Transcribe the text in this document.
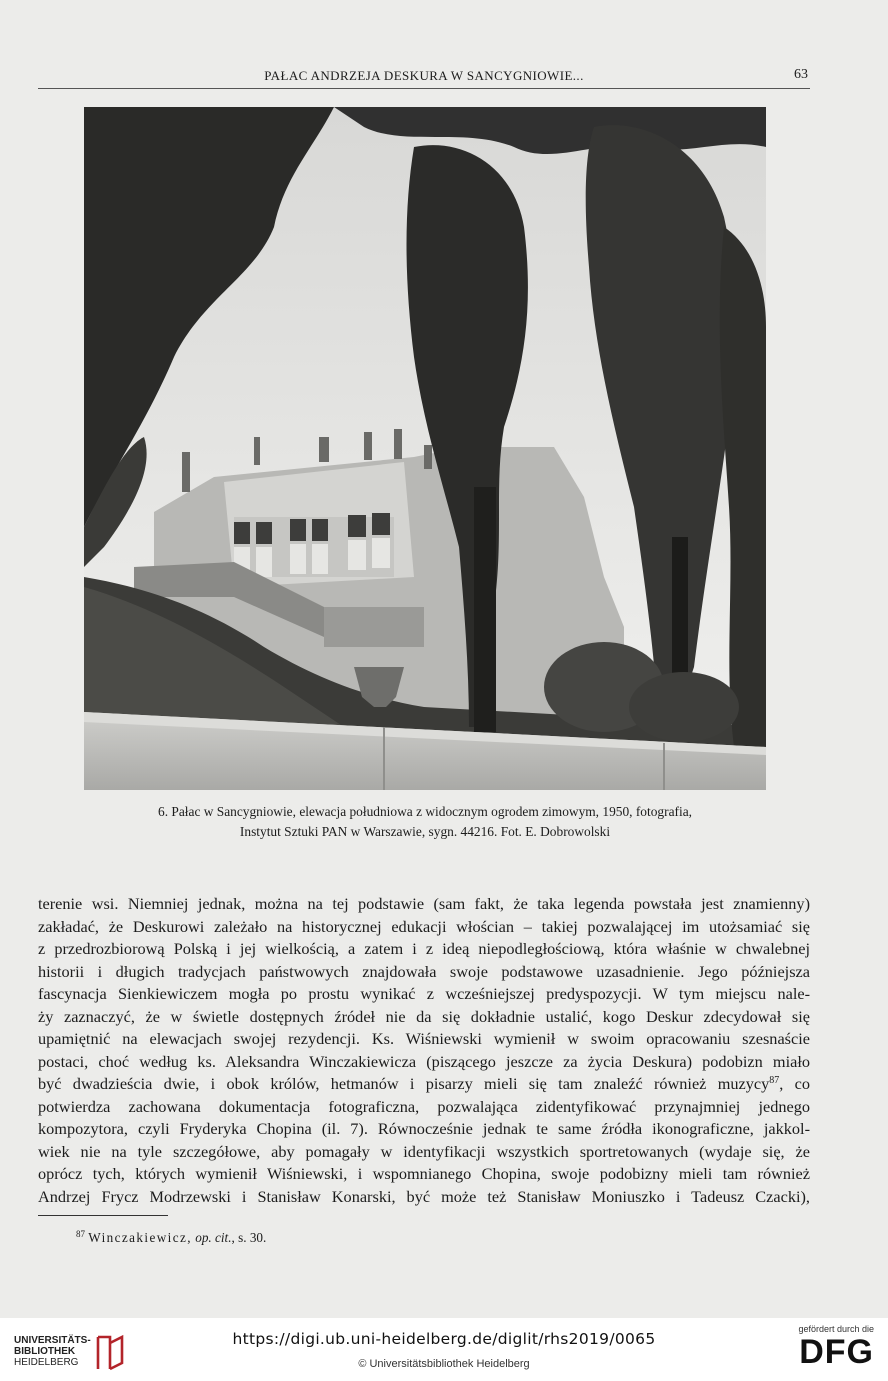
PAŁAC ANDRZEJA DESKURA W SANCYGNIOWIE...	63
6. Pałac w Sancygniowie, elewacja południowa z widocznym ogrodem zimowym, 1950, fotografia,
Instytut Sztuki PAN w Warszawie, sygn. 44216. Fot. E. Dobrowolski
terenie wsi. Niemniej jednak, można na tej podstawie (sam fakt, że taka legenda powstała jest znamienny)
zakładać, że Deskurowi zależało na historycznej edukacji włościan – takiej pozwalającej im utożsamiać się
z przedrozbiorową Polską i jej wielkością, a zatem i z ideą niepodległościową, która właśnie w chwalebnej
historii i długich tradycjach państwowych znajdowała swoje podstawowe uzasadnienie. Jego późniejsza
fascynacja Sienkiewiczem mogła po prostu wynikać z wcześniejszej predyspozycji. W tym miejscu nale-
ży zaznaczyć, że w świetle dostępnych źródeł nie da się dokładnie ustalić, kogo Deskur zdecydował się
upamiętnić na elewacjach swojej rezydencji. Ks. Wiśniewski wymienił w swoim opracowaniu szesnaście
postaci, choć według ks. Aleksandra Winczakiewicza (piszącego jeszcze za życia Deskura) podobizn miało
być dwadzieścia dwie, i obok królów, hetmanów i pisarzy mieli się tam znaleźć również muzycy$^{87}$, co
potwierdza zachowana dokumentacja fotograficzna, pozwalająca zidentyfikować przynajmniej jednego
kompozytora, czyli Fryderyka Chopina (il. 7). Równocześnie jednak te same źródła ikonograficzne, jakkol-
wiek nie na tyle szczegółowe, aby pomagały w identyfikacji wszystkich sportretowanych (wydaje się, że
oprócz tych, których wymienił Wiśniewski, i wspomnianego Chopina, swoje podobizny mieli tam również
Andrzej Frycz Modrzewski i Stanisław Konarski, być może też Stanisław Moniuszko i Tadeusz Czacki),
$^{87}$ Winczakiewicz, op. cit., s. 30.
UNIVERSITÄTS-
BIBLIOTHEK
HEIDELBERG
https://digi.ub.uni-heidelberg.de/diglit/rhs2019/0065
© Universitätsbibliothek Heidelberg
gefördert durch die
DFG
